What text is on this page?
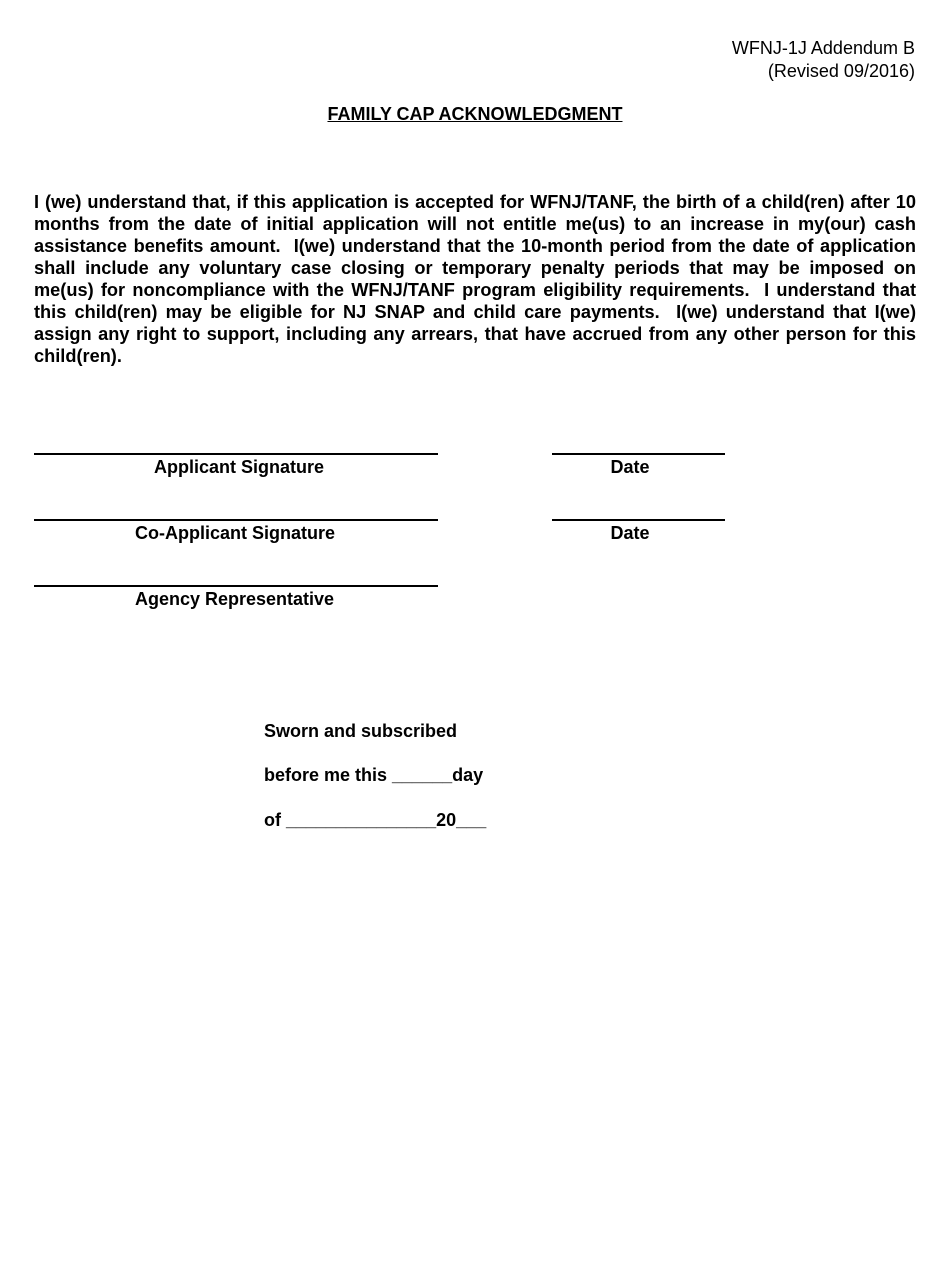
WFNJ-1J Addendum B
(Revised 09/2016)
FAMILY CAP ACKNOWLEDGMENT
I (we) understand that, if this application is accepted for WFNJ/TANF, the birth of a child(ren) after 10 months from the date of initial application will not entitle me(us) to an increase in my(our) cash assistance benefits amount.  I(we) understand that the 10-month period from the date of application shall include any voluntary case closing or temporary penalty periods that may be imposed on me(us) for noncompliance with the WFNJ/TANF program eligibility requirements.  I understand that this child(ren) may be eligible for NJ SNAP and child care payments.  I(we) understand that I(we) assign any right to support, including any arrears, that have accrued from any other person for this child(ren).
Applicant Signature	Date
Co-Applicant Signature	Date
Agency Representative
Sworn and subscribed
before me this ______day
of _______________20___
